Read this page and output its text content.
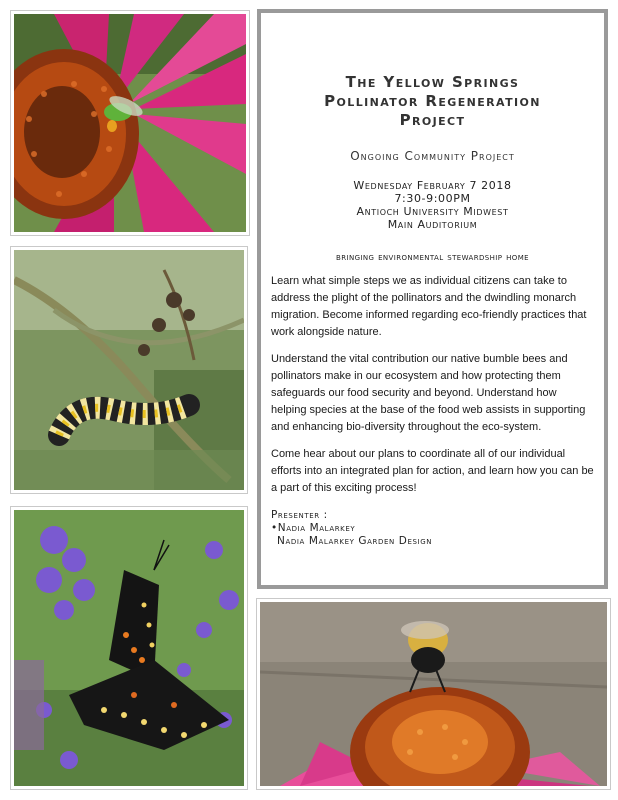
The Yellow Springs
Pollinator Regeneration
Project
Ongoing Community Project
Wednesday February 7 2018
7:30-9:00PM
Antioch University Midwest
Main Auditorium
bringing environmental stewardship home

Learn what simple steps we as individual citizens can take to address the plight of the pollinators and the dwindling monarch migration. Become informed regarding eco-friendly practices that work alongside nature.

Understand the vital contribution our native bumble bees and pollinators make in our ecosystem and how protecting them safeguards our food security and beyond. Understand how helping species at the base of the food web assists in supporting and enhancing bio-diversity throughout the eco-system.

Come hear about our plans to coordinate all of our individual efforts into an integrated plan for action, and learn how you can be a part of this exciting process!

Presenter :
•Nadia Malarkey
Nadia Malarkey Garden Design
